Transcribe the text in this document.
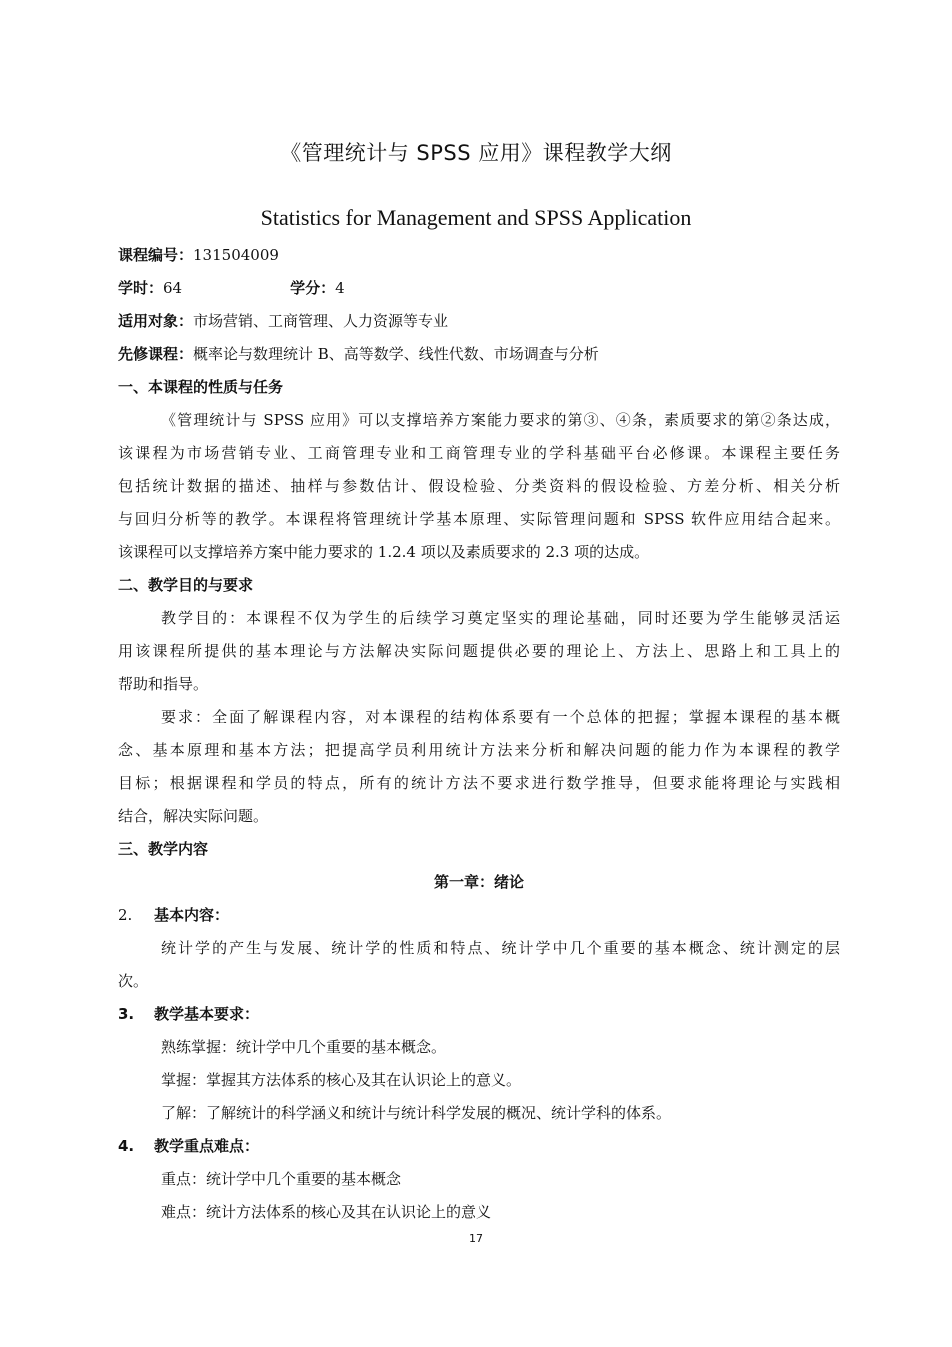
《管理统计与 SPSS 应用》课程教学大纲
Statistics for Management and SPSS Application
课程编号：131504009
学时：64	学分：4
适用对象：市场营销、工商管理、人力资源等专业
先修课程：概率论与数理统计 B、高等数学、线性代数、市场调查与分析
一、本课程的性质与任务
《管理统计与 SPSS 应用》可以支撑培养方案能力要求的第③、④条，素质要求的第②条达成，
该课程为市场营销专业、工商管理专业和工商管理专业的学科基础平台必修课。本课程主要任务
包括统计数据的描述、抽样与参数估计、假设检验、分类资料的假设检验、方差分析、相关分析
与回归分析等的教学。本课程将管理统计学基本原理、实际管理问题和 SPSS 软件应用结合起来。
该课程可以支撑培养方案中能力要求的 1.2.4 项以及素质要求的 2.3 项的达成。
二、教学目的与要求
教学目的：本课程不仅为学生的后续学习奠定坚实的理论基础，同时还要为学生能够灵活运
用该课程所提供的基本理论与方法解决实际问题提供必要的理论上、方法上、思路上和工具上的
帮助和指导。
要求：全面了解课程内容，对本课程的结构体系要有一个总体的把握；掌握本课程的基本概
念、基本原理和基本方法；把提高学员利用统计方法来分析和解决问题的能力作为本课程的教学
目标；根据课程和学员的特点，所有的统计方法不要求进行数学推导，但要求能将理论与实践相
结合，解决实际问题。
三、教学内容
第一章：绪论
2. 基本内容：
统计学的产生与发展、统计学的性质和特点、统计学中几个重要的基本概念、统计测定的层
次。
3. 教学基本要求：
熟练掌握：统计学中几个重要的基本概念。
掌握：掌握其方法体系的核心及其在认识论上的意义。
了解：了解统计的科学涵义和统计与统计科学发展的概况、统计学科的体系。
4. 教学重点难点：
重点：统计学中几个重要的基本概念
难点：统计方法体系的核心及其在认识论上的意义
17
